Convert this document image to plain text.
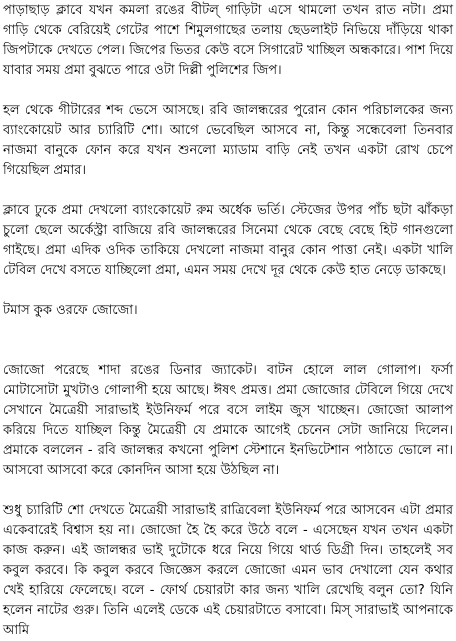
পাড়াছাড় ক্লাবে যখন কমলা রঙের বীটল্ গাড়িটা এসে থামলো তখন রাত নটা। প্রমা গাড়ি থেকে বেরিয়েই গেটের পাশে শিমুলগাছের তলায় ছেডলাইট নিভিয়ে দাঁড়িয়ে থাকা জিপটাকে দেখতে পেল। জিপের ভিতর কেউ বসে সিগারেট খাচ্ছিল অন্ধকারে। পাশ দিয়ে যাবার সময় প্রমা বুঝতে পারে ওটা দিল্লী পুলিশের জিপ।

হল থেকে গীটারের শব্দ ভেসে আসছে। রবি জালন্ধরের পুরোন কোন পরিচালকের জন্য ব্যাংকোয়েট আর চ্যারিটি শো। আগে ভেবেছিল আসবে না, কিন্তু সন্ধেবেলা তিনবার নাজমা বানুকে ফোন করে যখন শুনলো ম্যাডাম বাড়ি নেই তখন একটা রোখ চেপে গিয়েছিল প্রমার।

ক্লাবে ঢুকে প্রমা দেখলো ব্যাংকোয়েট রুম অর্ধেক ভর্তি। স্টেজের উপর পাঁচ ছটা ঝাঁকড়া চুলো ছেলে অর্কেস্ট্রা বাজিয়ে রবি জালন্ধরের সিনেমা থেকে বেছে বেছে হিট গানগুলো গাইছে। প্রমা এদিক ওদিক তাকিয়ে দেখলো নাজমা বানুর কোন পাত্তা নেই। একটা খালি টেবিল দেখে বসতে যাচ্ছিলো প্রমা, এমন সময় দেখে দূর থেকে কেউ হাত নেড়ে ডাকছে।

টমাস কুক ওরফে জোজো।

জোজো পরেছে শাদা রঙের ডিনার জ্যাকেট। বাটন হোলে লাল গোলাপ। ফর্সা মোটাসোটা মুখটাও গোলাপী হয়ে আছে। ঈষৎ প্রমত্ত। প্রমা জোজোর টেবিলে গিয়ে দেখে সেখানে মৈত্রেয়ী সারাভাই ইউনিফর্ম পরে বসে লাইম জুস খাচ্ছেন। জোজো আলাপ করিয়ে দিতে যাচ্ছিল কিন্তু মৈত্রেয়ী যে প্রমাকে আগেই চেনেন সেটা জানিয়ে দিলেন। প্রমাকে বললেন - রবি জালন্ধর কখনো পুলিশ স্টেশানে ইনভিটেশান পাঠাতে ভোলে না। আসবো আসবো করে কোনদিন আসা হয়ে উঠছিল না।

শুধু চ্যারিটি শো দেখতে মৈত্রেয়ী সারাভাই রাত্রিবেলা ইউনিফর্ম পরে আসবেন এটা প্রমার একেবারেই বিশ্বাস হয় না। জোজো হৈ হৈ করে উঠে বলে - এসেছেন যখন তখন একটা কাজ করুন। এই জালন্ধর ভাই দুটোকে ধরে নিয়ে গিয়ে থার্ড ডিগ্রী দিন। তাহলেই সব কবুল করবে। কি কবুল করবে জিজ্ঞেস করলে জোজো এমন ভাব দেখালো যেন কথার খেই হারিয়ে ফেলেছে। বলে - ফোর্থ চেয়ারটা কার জন্য খালি রেখেছি বলুন তো? যিনি হলেন নাটের গুরু। তিনি এলেই ডেকে এই চেয়ারটাতে বসাবো। মিস্ সারাভাই আপনাকে আমি
